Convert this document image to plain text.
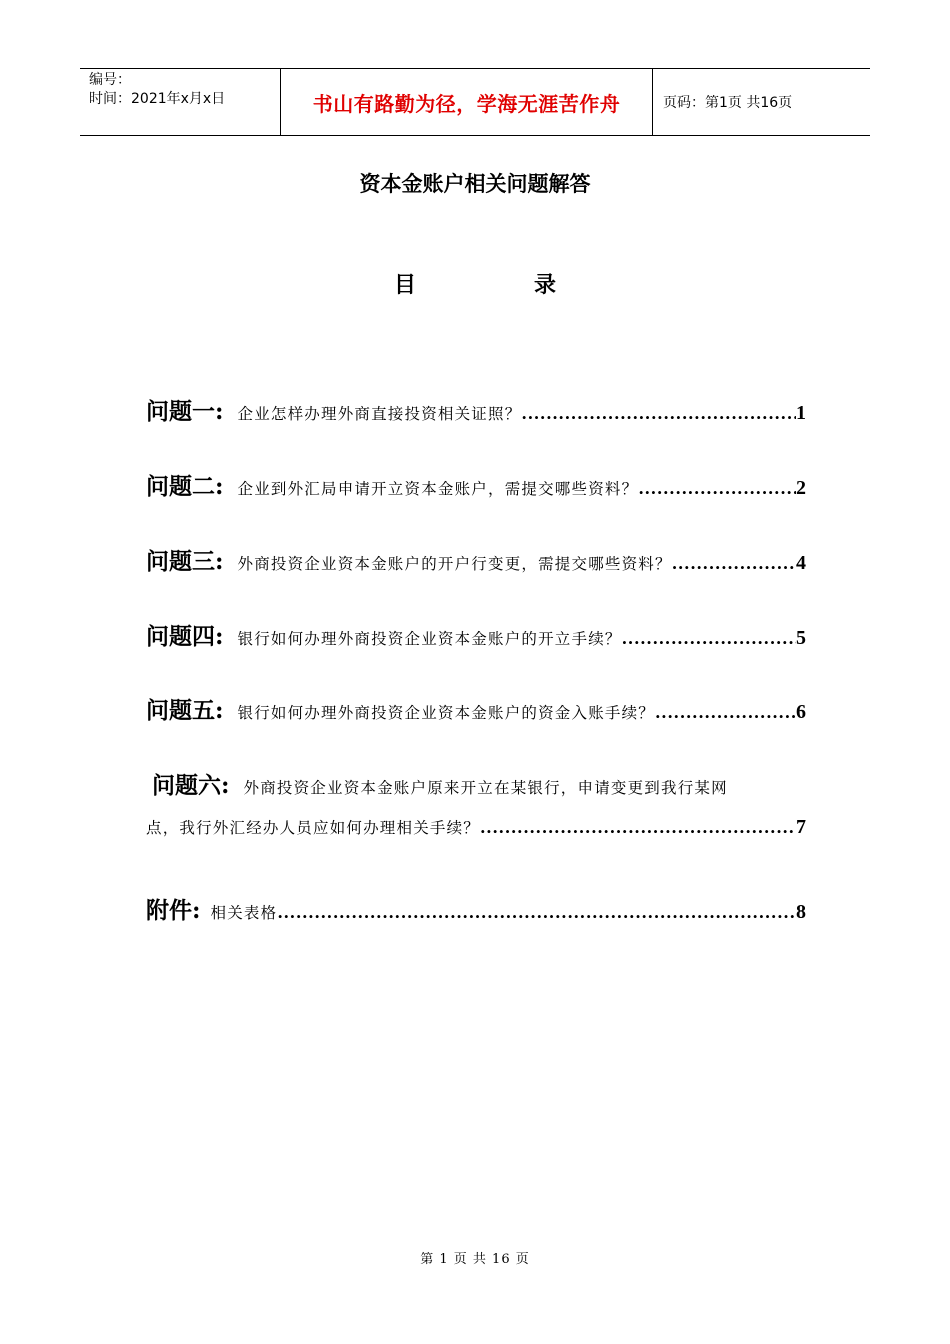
编号：
时间：2021年x月x日	书山有路勤为径，学海无涯苦作舟	页码：第1页 共16页
资本金账户相关问题解答
目	录
问题一: 企业怎样办理外商直接投资相关证照？ .....	1
问题二: 企业到外汇局申请开立资本金账户，需提交哪些资料？ .....	2
问题三: 外商投资企业资本金账户的开户行变更，需提交哪些资料？ .....	4
问题四: 银行如何办理外商投资企业资本金账户的开立手续？ .....	5
问题五: 银行如何办理外商投资企业资本金账户的资金入账手续？ .....	6
问题六: 外商投资企业资本金账户原来开立在某银行，申请变更到我行某网
点，我行外汇经办人员应如何办理相关手续？ .....	7
附件: 相关表格 .....	8
第 1 页 共 16 页
